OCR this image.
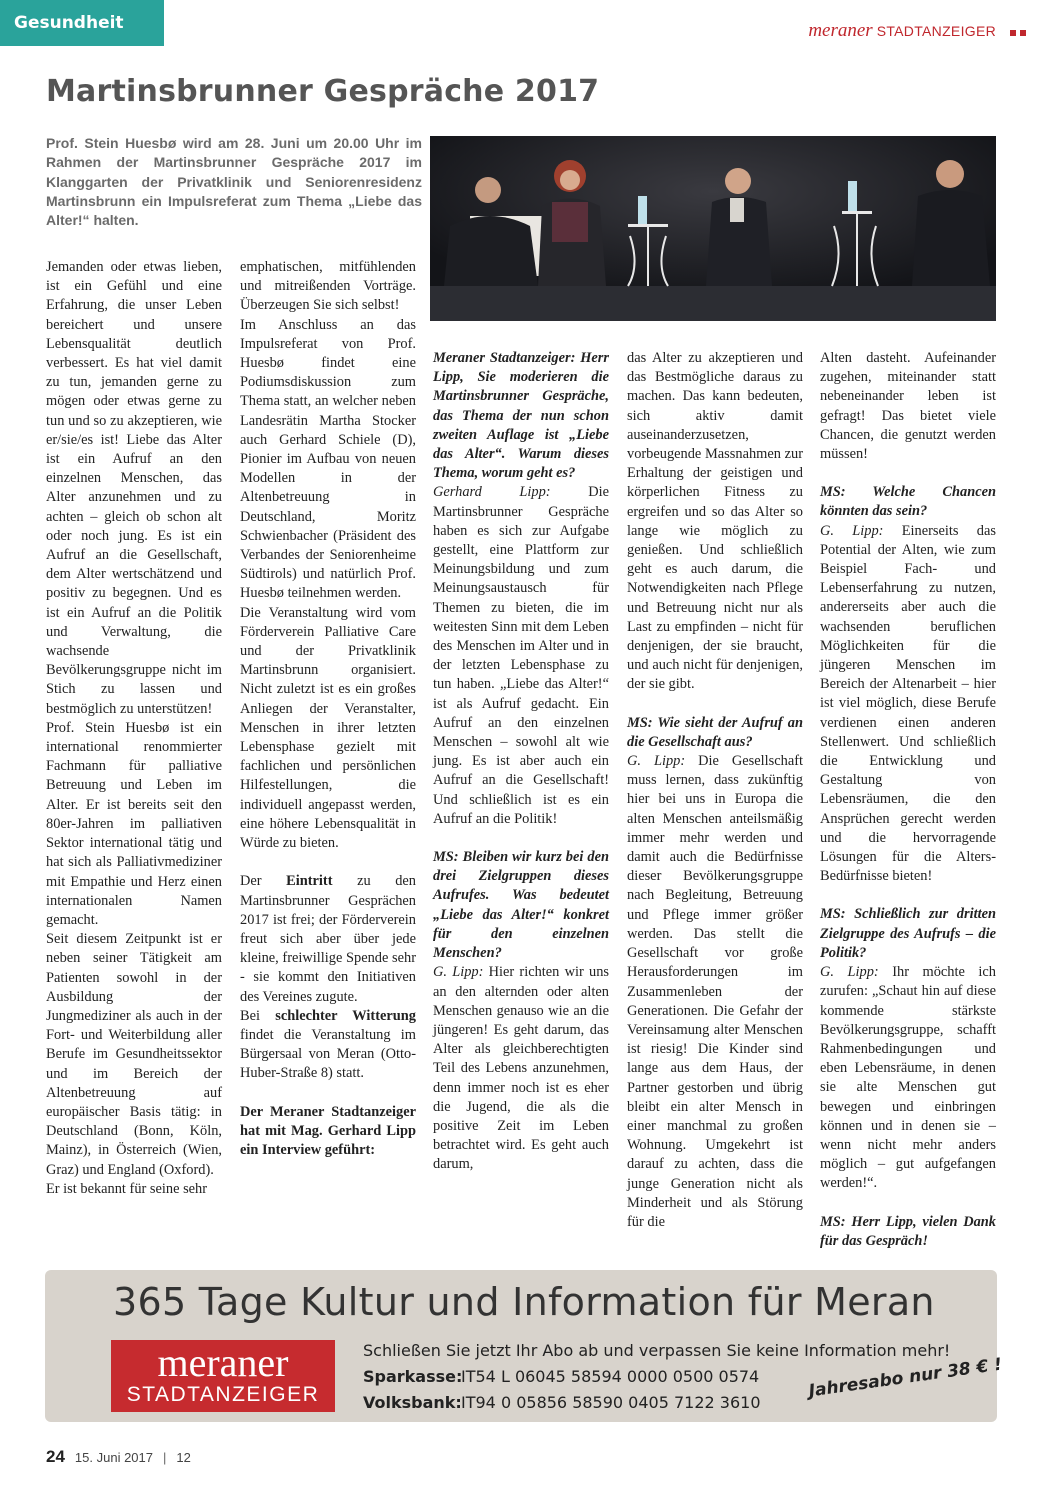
Gesundheit	meraner STADTANZEIGER
Martinsbrunner Gespräche 2017

Prof. Stein Huesbø wird am 28. Juni um 20.00 Uhr im Rahmen der Martinsbrunner Gespräche 2017 im Klanggarten der Privatklinik und Seniorenresidenz Martinsbrunn ein Impulsreferat zum Thema „Liebe das Alter!“ halten.

Jemanden oder etwas lieben, ist ein Gefühl und eine Erfahrung, die unser Leben bereichert und unsere Lebensqualität deutlich verbessert. Es hat viel damit zu tun, jemanden gerne zu mögen oder etwas gerne zu tun und so zu akzeptieren, wie er/sie/es ist! Liebe das Alter ist ein Aufruf an den einzelnen Menschen, das Alter anzunehmen und zu achten – gleich ob schon alt oder noch jung. Es ist ein Aufruf an die Gesellschaft, dem Alter wertschätzend und positiv zu begegnen. Und es ist ein Aufruf an die Politik und Verwaltung, die wachsende Bevölkerungsgruppe nicht im Stich zu lassen und bestmöglich zu unterstützen!

Prof. Stein Huesbø ist ein international renommierter Fachmann für palliative Betreuung und Leben im Alter. Er ist bereits seit den 80er-Jahren im palliativen Sektor international tätig und hat sich als Palliativmediziner mit Empathie und Herz einen internationalen Namen gemacht.

Seit diesem Zeitpunkt ist er neben seiner Tätigkeit am Patienten sowohl in der Ausbildung der Jungmediziner als auch in der Fort- und Weiterbildung aller Berufe im Gesundheitssektor und im Bereich der Altenbetreuung auf europäischer Basis tätig: in Deutschland (Bonn, Köln, Mainz), in Österreich (Wien, Graz) und England (Oxford).

Er ist bekannt für seine sehr

emphatischen, mitfühlenden und mitreißenden Vorträge. Überzeugen Sie sich selbst!

Im Anschluss an das Impulsreferat von Prof. Huesbø findet eine Podiumsdiskussion zum Thema statt, an welcher neben Landesrätin Martha Stocker auch Gerhard Schiele (D), Pionier im Aufbau von neuen Modellen in der Altenbetreuung in Deutschland, Moritz Schwienbacher (Präsident des Verbandes der Seniorenheime Südtirols) und natürlich Prof. Huesbø teilnehmen werden.

Die Veranstaltung wird vom Förderverein Palliative Care und der Privatklinik Martinsbrunn organisiert. Nicht zuletzt ist es ein großes Anliegen der Veranstalter, Menschen in ihrer letzten Lebensphase gezielt mit fachlichen und persönlichen Hilfestellungen, die individuell angepasst werden, eine höhere Lebensqualität in Würde zu bieten.

Der Eintritt zu den Martinsbrunner Gesprächen 2017 ist frei; der Förderverein freut sich aber über jede kleine, freiwillige Spende sehr - sie kommt den Initiativen des Vereines zugute.

Bei schlechter Witterung findet die Veranstaltung im Bürgersaal von Meran (Otto-Huber-Straße 8) statt.

Der Meraner Stadtanzeiger hat mit Mag. Gerhard Lipp ein Interview geführt:

Meraner Stadtanzeiger: Herr Lipp, Sie moderieren die Martinsbrunner Gespräche, das Thema der nun schon zweiten Auflage ist „Liebe das Alter“. Warum dieses Thema, worum geht es?

Gerhard Lipp: Die Martinsbrunner Gespräche haben es sich zur Aufgabe gestellt, eine Plattform zur Meinungsbildung und zum Meinungsaustausch für Themen zu bieten, die im weitesten Sinn mit dem Leben des Menschen im Alter und in der letzten Lebensphase zu tun haben. „Liebe das Alter!“ ist als Aufruf gedacht. Ein Aufruf an den einzelnen Menschen – sowohl alt wie jung. Es ist aber auch ein Aufruf an die Gesellschaft! Und schließlich ist es ein Aufruf an die Politik!

MS: Bleiben wir kurz bei den drei Zielgruppen dieses Aufrufes. Was bedeutet „Liebe das Alter!“ konkret für den einzelnen Menschen?

G. Lipp: Hier richten wir uns an den alternden oder alten Menschen genauso wie an die jüngeren! Es geht darum, das Alter als gleichberechtigten Teil des Lebens anzunehmen, denn immer noch ist es eher die Jugend, die als die positive Zeit im Leben betrachtet wird. Es geht auch darum,

das Alter zu akzeptieren und das Bestmögliche daraus zu machen. Das kann bedeuten, sich aktiv damit auseinanderzusetzen, vorbeugende Massnahmen zur Erhaltung der geistigen und körperlichen Fitness zu ergreifen und so das Alter so lange wie möglich zu genießen. Und schließlich geht es auch darum, die Notwendigkeiten nach Pflege und Betreuung nicht nur als Last zu empfinden – nicht für denjenigen, der sie braucht, und auch nicht für denjenigen, der sie gibt.

MS: Wie sieht der Aufruf an die Gesellschaft aus?

G. Lipp: Die Gesellschaft muss lernen, dass zukünftig hier bei uns in Europa die alten Menschen anteilsmäßig immer mehr werden und damit auch die Bedürfnisse dieser Bevölkerungsgruppe nach Begleitung, Betreuung und Pflege immer größer werden. Das stellt die Gesellschaft vor große Herausforderungen im Zusammenleben der Generationen. Die Gefahr der Vereinsamung alter Menschen ist riesig! Die Kinder sind lange aus dem Haus, der Partner gestorben und übrig bleibt ein alter Mensch in einer manchmal zu großen Wohnung. Umgekehrt ist darauf zu achten, dass die junge Generation nicht als Minderheit und als Störung für die

Alten dasteht. Aufeinander zugehen, miteinander statt nebeneinander leben ist gefragt! Das bietet viele Chancen, die genutzt werden müssen!

MS: Welche Chancen könnten das sein?

G. Lipp: Einerseits das Potential der Alten, wie zum Beispiel Fach- und Lebenserfahrung zu nutzen, andererseits aber auch die wachsenden beruflichen Möglichkeiten für die jüngeren Menschen im Bereich der Altenarbeit – hier ist viel möglich, diese Berufe verdienen einen anderen Stellenwert. Und schließlich die Entwicklung und Gestaltung von Lebensräumen, die den Ansprüchen gerecht werden und die hervorragende Lösungen für die Alters-Bedürfnisse bieten!

MS: Schließlich zur dritten Zielgruppe des Aufrufs – die Politik?

G. Lipp: Ihr möchte ich zurufen: „Schaut hin auf diese kommende stärkste Bevölkerungsgruppe, schafft Rahmenbedingungen und eben Lebensräume, in denen sie alte Menschen gut bewegen und einbringen können und in denen sie – wenn nicht mehr anders möglich – gut aufgefangen werden!“.

MS: Herr Lipp, vielen Dank für das Gespräch!

365 Tage Kultur und Information für Meran
meraner
STADTANZEIGER
Schließen Sie jetzt Ihr Abo ab und verpassen Sie keine Information mehr!
Sparkasse:
IT54 L 06045 58594 0000 0500 0574
Volksbank: IT94 0 05856 58590 0405 7122 3610
Jahresabo nur 38 € !
24 15. Juni 2017 | 12
